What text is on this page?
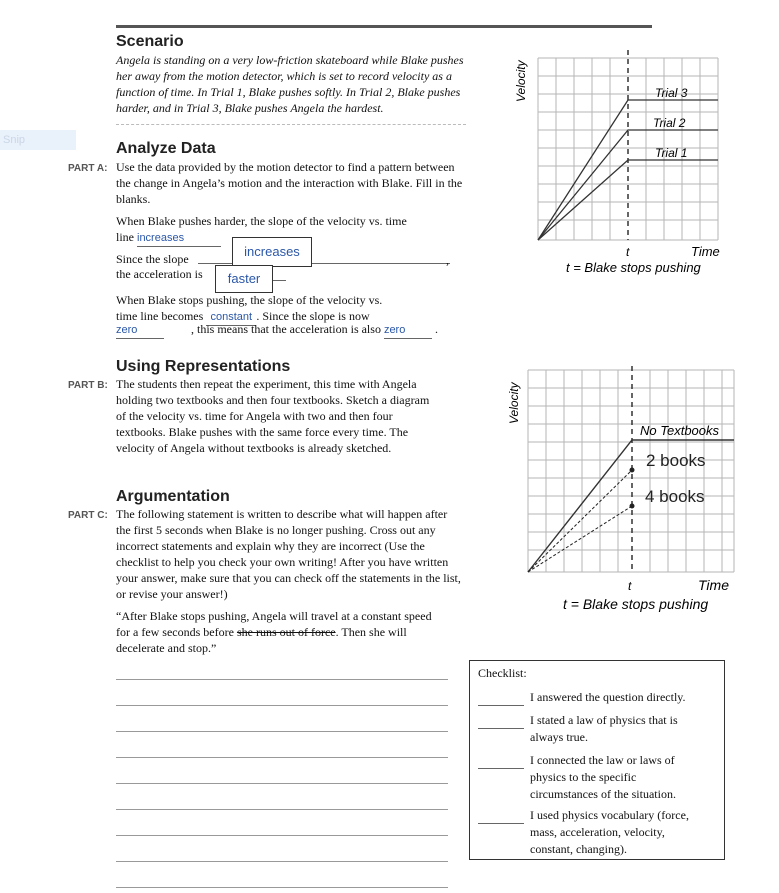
Scenario
Angela is standing on a very low-friction skateboard while Blake pushes her away from the motion detector, which is set to record velocity as a function of time. In Trial 1, Blake pushes softly. In Trial 2, Blake pushes harder, and in Trial 3, Blake pushes Angela the hardest.
Snip	Analyze Data
PART A: Use the data provided by the motion detector to find a pattern between the change in Angela’s motion and the interaction with Blake. Fill in the blanks.
When Blake pushes harder, the slope of the velocity vs. time line increases
Since the slope	,
the acceleration is
increases
faster
When Blake stops pushing, the slope of the velocity vs. time line becomes constant . Since the slope is now
zero	, this means that the acceleration is also zero .
Using Representations
PART B: The students then repeat the experiment, this time with Angela holding two textbooks and then four textbooks. Sketch a diagram of the velocity vs. time for Angela with two and then four textbooks. Blake pushes with the same force every time. The velocity of Angela without textbooks is already sketched.
Argumentation
PART C: The following statement is written to describe what will happen after the first 5 seconds when Blake is no longer pushing. Cross out any incorrect statements and explain why they are incorrect (Use the checklist to help you check your own writing! After you have written your answer, make sure that you can check off the statements in the list, or revise your answer!)
“After Blake stops pushing, Angela will travel at a constant speed for a few seconds before she runs out of force. Then she will decelerate and stop.”
Checklist:
I answered the question directly.
I stated a law of physics that is always true.
I connected the law or laws of physics to the specific circumstances of the situation.
I used physics vocabulary (force, mass, acceleration, velocity, constant, changing).
Trial 3
Trial 2
Trial 1
Velocity
t	Time
t = Blake stops pushing
No Textbooks
2 books
4 books
Velocity
t	Time
t = Blake stops pushing
